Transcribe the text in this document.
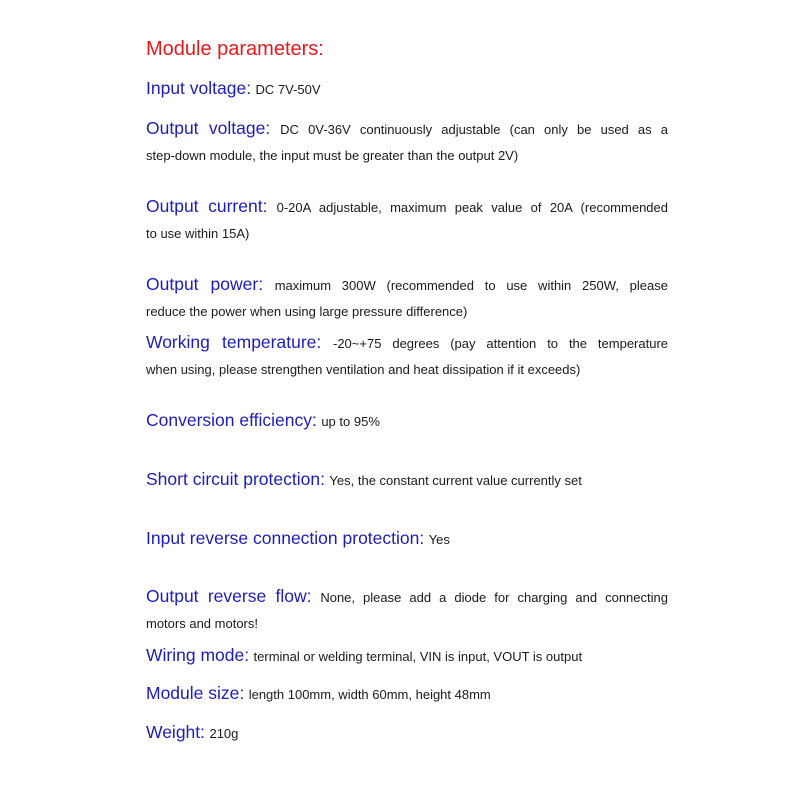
Module parameters:
Input voltage: DC 7V-50V
Output voltage: DC 0V-36V continuously adjustable (can only be used as a
step-down module, the input must be greater than the output 2V)
Output current: 0-20A adjustable, maximum peak value of 20A (recommended
to use within 15A)
Output power: maximum 300W (recommended to use within 250W, please
reduce the power when using large pressure difference)
Working temperature: -20~+75 degrees (pay attention to the temperature
when using, please strengthen ventilation and heat dissipation if it exceeds)
Conversion efficiency: up to 95%
Short circuit protection: Yes, the constant current value currently set
Input reverse connection protection: Yes
Output reverse flow: None, please add a diode for charging and connecting
motors and motors!
Wiring mode: terminal or welding terminal, VIN is input, VOUT is output
Module size: length 100mm, width 60mm, height 48mm
Weight: 210g
